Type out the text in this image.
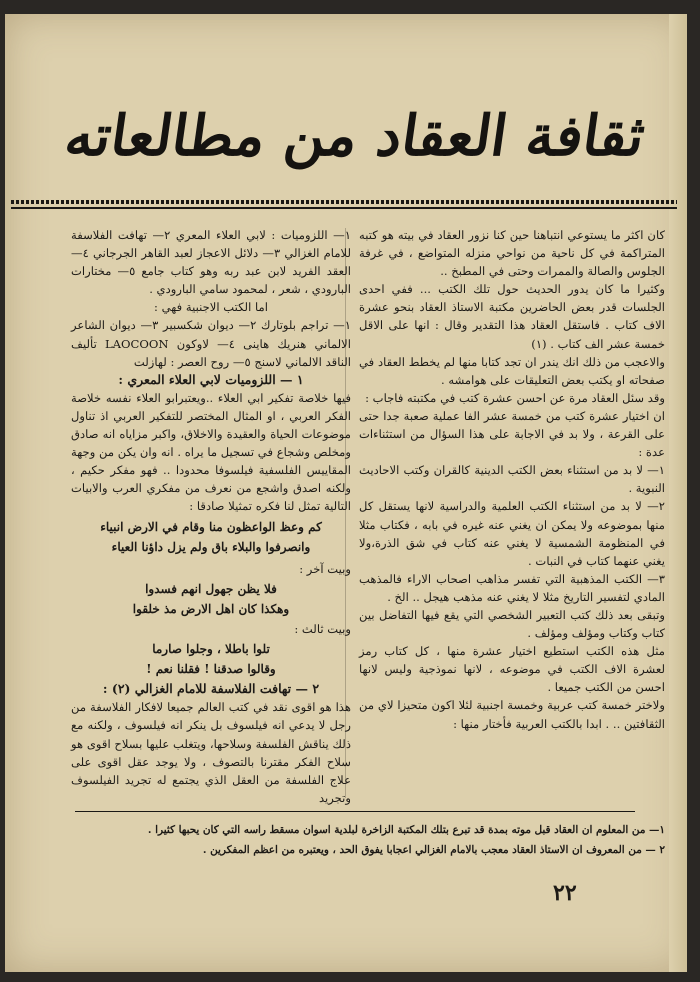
ثقافة العقاد من مطالعاته

كان اكثر ما يستوعي انتباهنا حين كنا نزور العقاد في بيته هو كتبه المتراكمة في كل ناحية من نواحي منزله المتواضع ، في غرفة الجلوس والصالة والممرات وحتى في المطبخ ..

وكثيرا ما كان يدور الحديث حول تلك الكتب ... ففي احدى الجلسات قدر بعض الحاضرين مكتبة الاستاذ العقاد بنحو عشرة الاف كتاب . فاستقل العقاد هذا التقدير وقال : انها على الاقل خمسة عشر الف كتاب . (١)

والاعجب من ذلك انك يندر ان تجد كتابا منها لم يخطط العقاد في صفحاته او يكتب بعض التعليقات على هوامشه .

وقد سئل العقاد مرة عن احسن عشرة كتب في مكتبته فاجاب :

ان اختيار عشرة كتب من خمسة عشر الفا عملية صعبة جدا حتى على القرعة ، ولا بد في الاجابة على هذا السؤال من استثناءات عدة :

١— لا بد من استثناء بعض الكتب الدينية كالقران وكتب الاحاديث النبوية .

٢— لا بد من استثناء الكتب العلمية والدراسية لانها يستقل كل منها بموضوعه ولا يمكن ان يغني عنه غيره في بابه ، فكتاب مثلا في المنظومة الشمسية لا يغني عنه كتاب في شق الذرة،ولا يغني عنهما كتاب في النبات .

٣— الكتب المذهبية التي تفسر مذاهب اصحاب الاراء فالمذهب المادي لتفسير التاريخ مثلا لا يغني عنه مذهب هيجل .. الخ .

وتبقى بعد ذلك كتب التعبير الشخصي التي يقع فيها التفاضل بين كتاب وكتاب ومؤلف ومؤلف .

مثل هذه الكتب استطيع اختيار عشرة منها ، كل كتاب رمز لعشرة الاف الكتب في موضوعه ، لانها نموذجية وليس لانها احسن من الكتب جميعا .

ولاختر خمسة كتب عربية وخمسة اجنبية لئلا اكون متحيزا لاي من الثقافتين .. . ابدا بالكتب العربية فأختار منها :

١— اللزوميات : لابي العلاء المعري ٢— تهافت الفلاسفة للامام الغزالي ٣— دلائل الاعجاز لعبد القاهر الجرجاني ٤— العقد الفريد لابن عبد ربه وهو كتاب جامع ٥— مختارات البارودي ، شعر ، لمحمود سامي البارودي .

اما الكتب الاجنبية فهي :

١— تراجم بلوتارك ٢— ديوان شكسبير ٣— ديوان الشاعر الالماني هنريك هاينى ٤— لاوكون LAOCOON تأليف الناقد الالماني لاسنج ٥— روح العصر : لهازلت

١ — اللزوميات لابي العلاء المعري :

فيها خلاصة تفكير ابي العلاء ..ويعتبرابو العلاء نفسه خلاصة الفكر العربي ، او المثال المختصر للتفكير العربي اذ تناول موضوعات الحياة والعقيدة والاخلاق، واكبر مزاياه انه صادق ومخلص وشجاع في تسجيل ما يراه . انه وان يكن من وجهة المقاييس الفلسفية فيلسوفا محدودا .. فهو مفكر حكيم ، ولكنه اصدق واشجع من نعرف من مفكري العرب والابيات التالية تمثل لنا فكره تمثيلا صادقا :

كم وعظ الواعظون منا وقام في الارض انبياء

وانصرفوا والبلاء باق ولم يزل داؤنا العياء

وبيت آخر :

فلا يظن جهول انهم فسدوا

وهكذا كان اهل الارض مذ خلقوا

وبيت ثالث :

تلوا باطلا ، وجلوا صارما

وقالوا صدقنا ! فقلنا نعم !

٢ — تهافت الفلاسفة للامام الغزالي (٢) :

هذا هو اقوى نقد في كتب العالم جميعا لافكار الفلاسفة من رجل لا يدعي انه فيلسوف بل ينكر انه فيلسوف ، ولكنه مع ذلك يناقش الفلسفة وسلاحها، ويتغلب عليها بسلاح اقوى هو سلاح الفكر مقترنا بالتصوف ، ولا يوجد عقل اقوى على علاج الفلسفة من العقل الذي يجتمع له تجريد الفيلسوف وتجريد

١— من المعلوم ان العقاد قبل موته بمدة قد تبرع بتلك المكتبة الزاخرة لبلدية اسوان مسقط راسه التي كان يحبها كثيرا .

٢ — من المعروف ان الاستاذ العقاد معجب بالامام الغزالي اعجابا يفوق الحد ، ويعتبره من اعظم المفكرين .

٢٢
